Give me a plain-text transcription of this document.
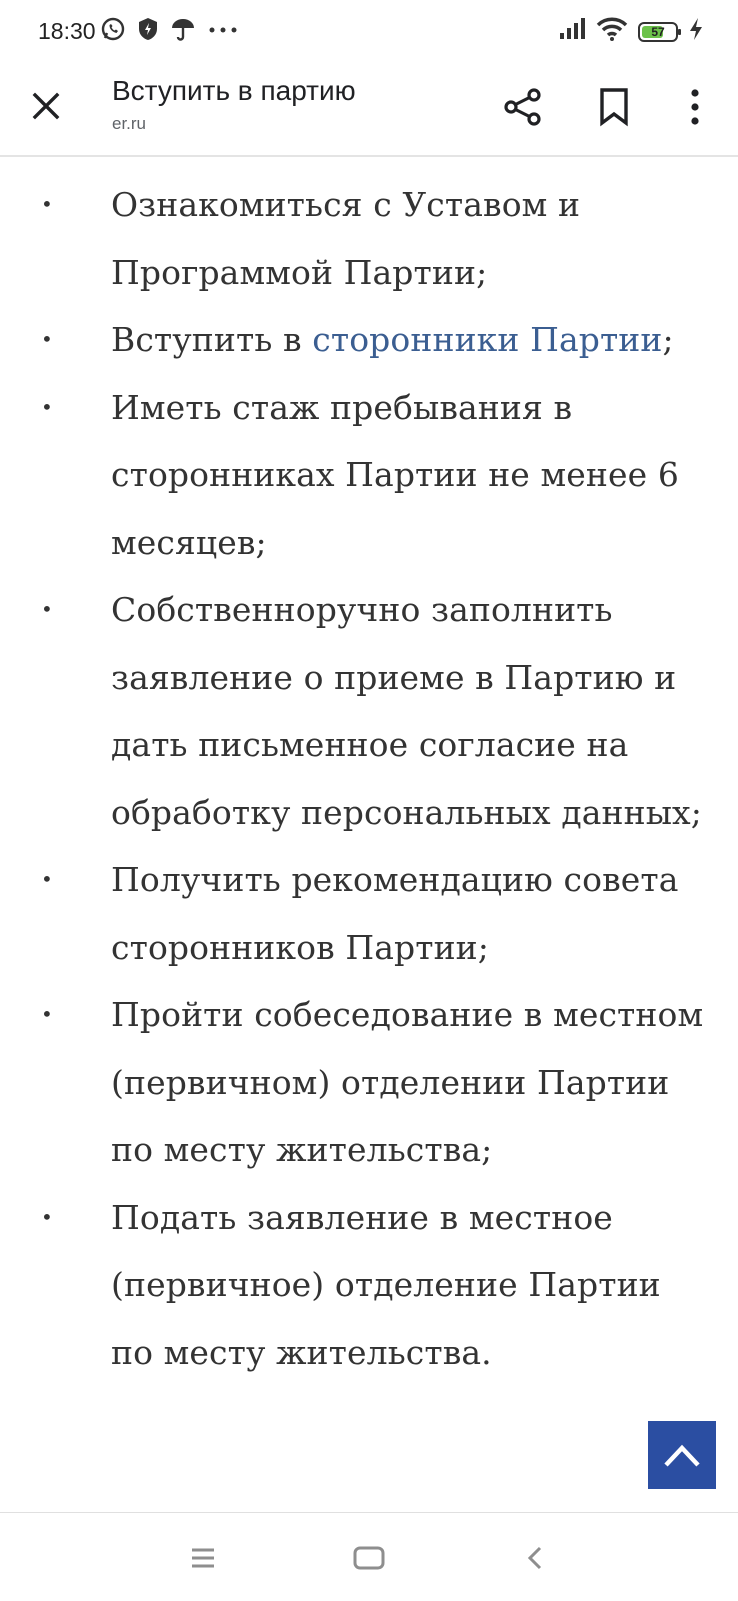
18:30	57
Вступить в партию
er.ru
• Ознакомиться с Уставом и Программой Партии;
• Вступить в сторонники Партии;
• Иметь стаж пребывания в сторонниках Партии не менее 6 месяцев;
• Собственноручно заполнить заявление о приеме в Партию и дать письменное согласие на обработку персональных данных;
• Получить рекомендацию совета сторонников Партии;
• Пройти собеседование в местном (первичном) отделении Партии по месту жительства;
• Подать заявление в местное (первичное) отделение Партии по месту жительства.
